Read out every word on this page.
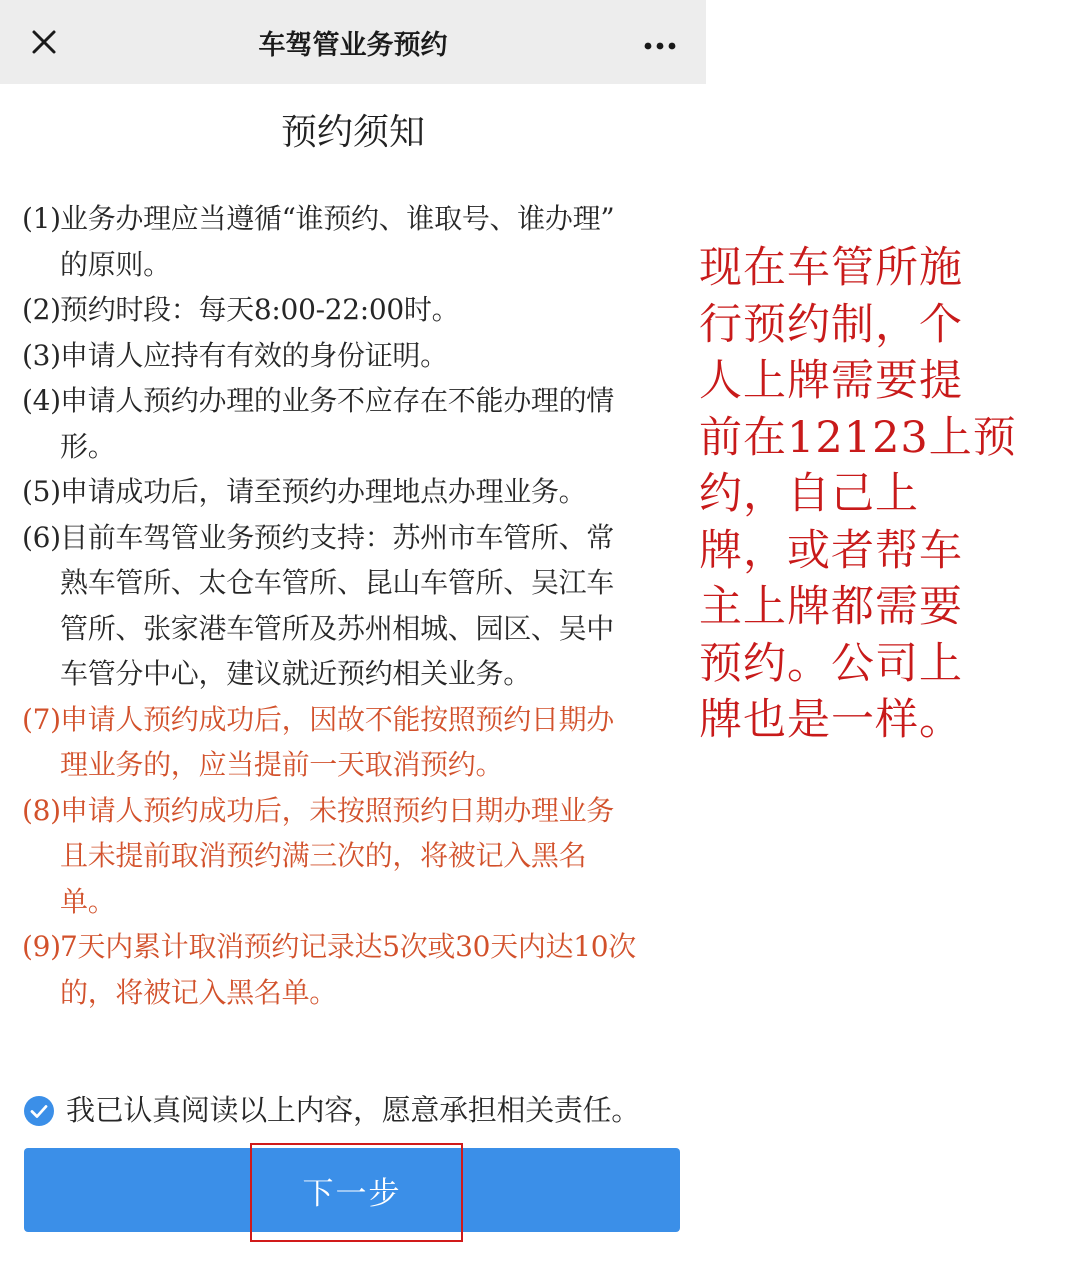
车驾管业务预约
预约须知
(1) 业务办理应当遵循“谁预约、谁取号、谁办理”
的原则。
(2) 预约时段：每天8:00-22:00时。
(3) 申请人应持有有效的身份证明。
(4) 申请人预约办理的业务不应存在不能办理的情
形。
(5) 申请成功后，请至预约办理地点办理业务。
(6) 目前车驾管业务预约支持：苏州市车管所、常
熟车管所、太仓车管所、昆山车管所、吴江车
管所、张家港车管所及苏州相城、园区、吴中
车管分中心，建议就近预约相关业务。
(7) 申请人预约成功后，因故不能按照预约日期办
理业务的，应当提前一天取消预约。
(8) 申请人预约成功后，未按照预约日期办理业务
且未提前取消预约满三次的，将被记入黑名
单。
(9) 7天内累计取消预约记录达5次或30天内达10次
的，将被记入黑名单。
我已认真阅读以上内容，愿意承担相关责任。
下一步
现在车管所施
行预约制，个
人上牌需要提
前在12123上预
约，自己上
牌，或者帮车
主上牌都需要
预约。公司上
牌也是一样。
